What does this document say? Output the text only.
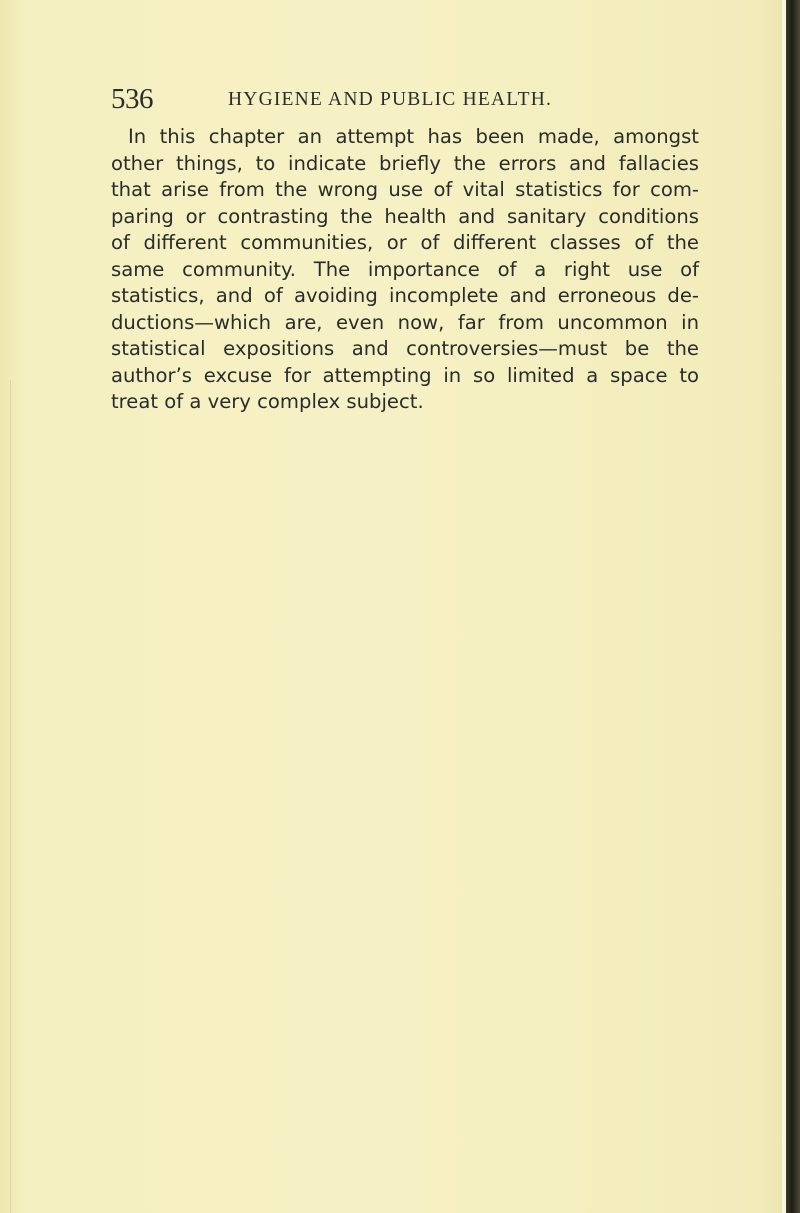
536	HYGIENE AND PUBLIC HEALTH.
In this chapter an attempt has been made, amongst
other things, to indicate briefly the errors and fallacies
that arise from the wrong use of vital statistics for com-
paring or contrasting the health and sanitary conditions
of different communities, or of different classes of the
same community. The importance of a right use of
statistics, and of avoiding incomplete and erroneous de-
ductions—which are, even now, far from uncommon in
statistical expositions and controversies—must be the
author’s excuse for attempting in so limited a space to
treat of a very complex subject.
